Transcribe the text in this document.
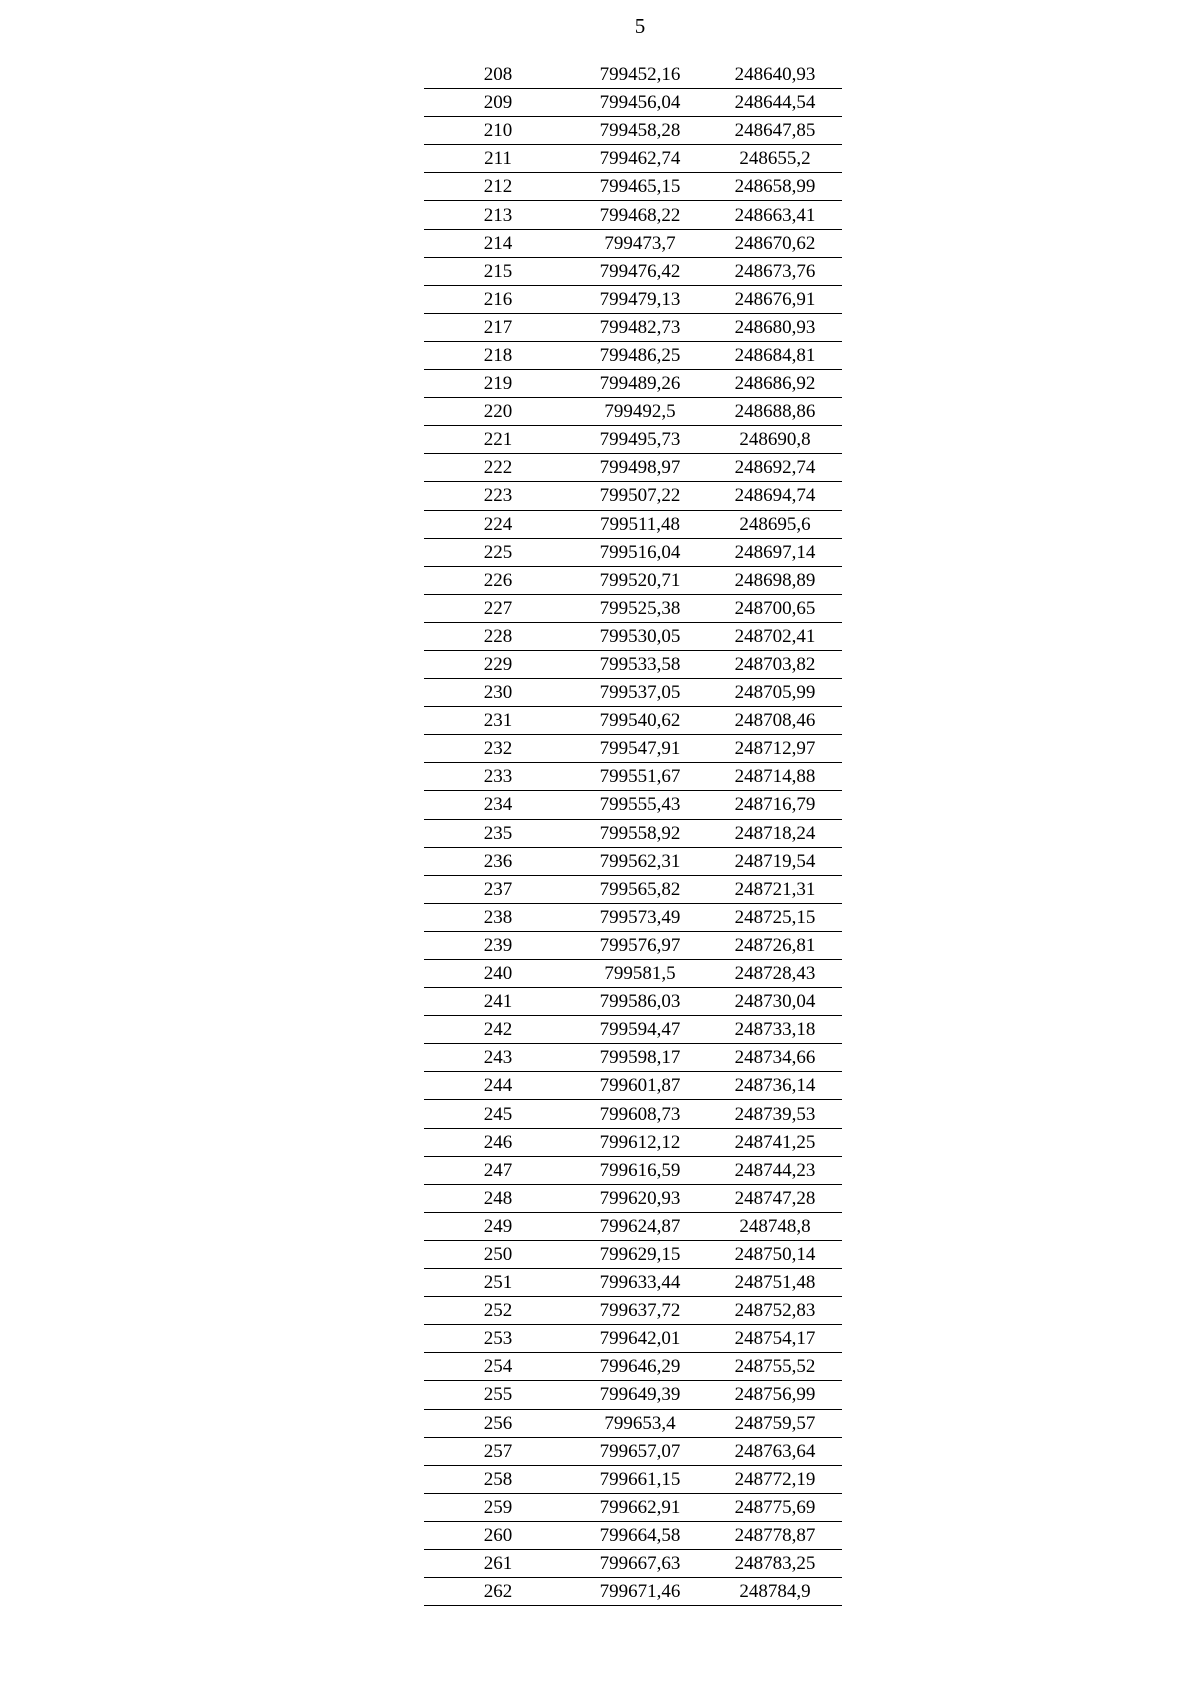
5
208	799452,16	248640,93
209	799456,04	248644,54
210	799458,28	248647,85
211	799462,74	248655,2
212	799465,15	248658,99
213	799468,22	248663,41
214	799473,7	248670,62
215	799476,42	248673,76
216	799479,13	248676,91
217	799482,73	248680,93
218	799486,25	248684,81
219	799489,26	248686,92
220	799492,5	248688,86
221	799495,73	248690,8
222	799498,97	248692,74
223	799507,22	248694,74
224	799511,48	248695,6
225	799516,04	248697,14
226	799520,71	248698,89
227	799525,38	248700,65
228	799530,05	248702,41
229	799533,58	248703,82
230	799537,05	248705,99
231	799540,62	248708,46
232	799547,91	248712,97
233	799551,67	248714,88
234	799555,43	248716,79
235	799558,92	248718,24
236	799562,31	248719,54
237	799565,82	248721,31
238	799573,49	248725,15
239	799576,97	248726,81
240	799581,5	248728,43
241	799586,03	248730,04
242	799594,47	248733,18
243	799598,17	248734,66
244	799601,87	248736,14
245	799608,73	248739,53
246	799612,12	248741,25
247	799616,59	248744,23
248	799620,93	248747,28
249	799624,87	248748,8
250	799629,15	248750,14
251	799633,44	248751,48
252	799637,72	248752,83
253	799642,01	248754,17
254	799646,29	248755,52
255	799649,39	248756,99
256	799653,4	248759,57
257	799657,07	248763,64
258	799661,15	248772,19
259	799662,91	248775,69
260	799664,58	248778,87
261	799667,63	248783,25
262	799671,46	248784,9
